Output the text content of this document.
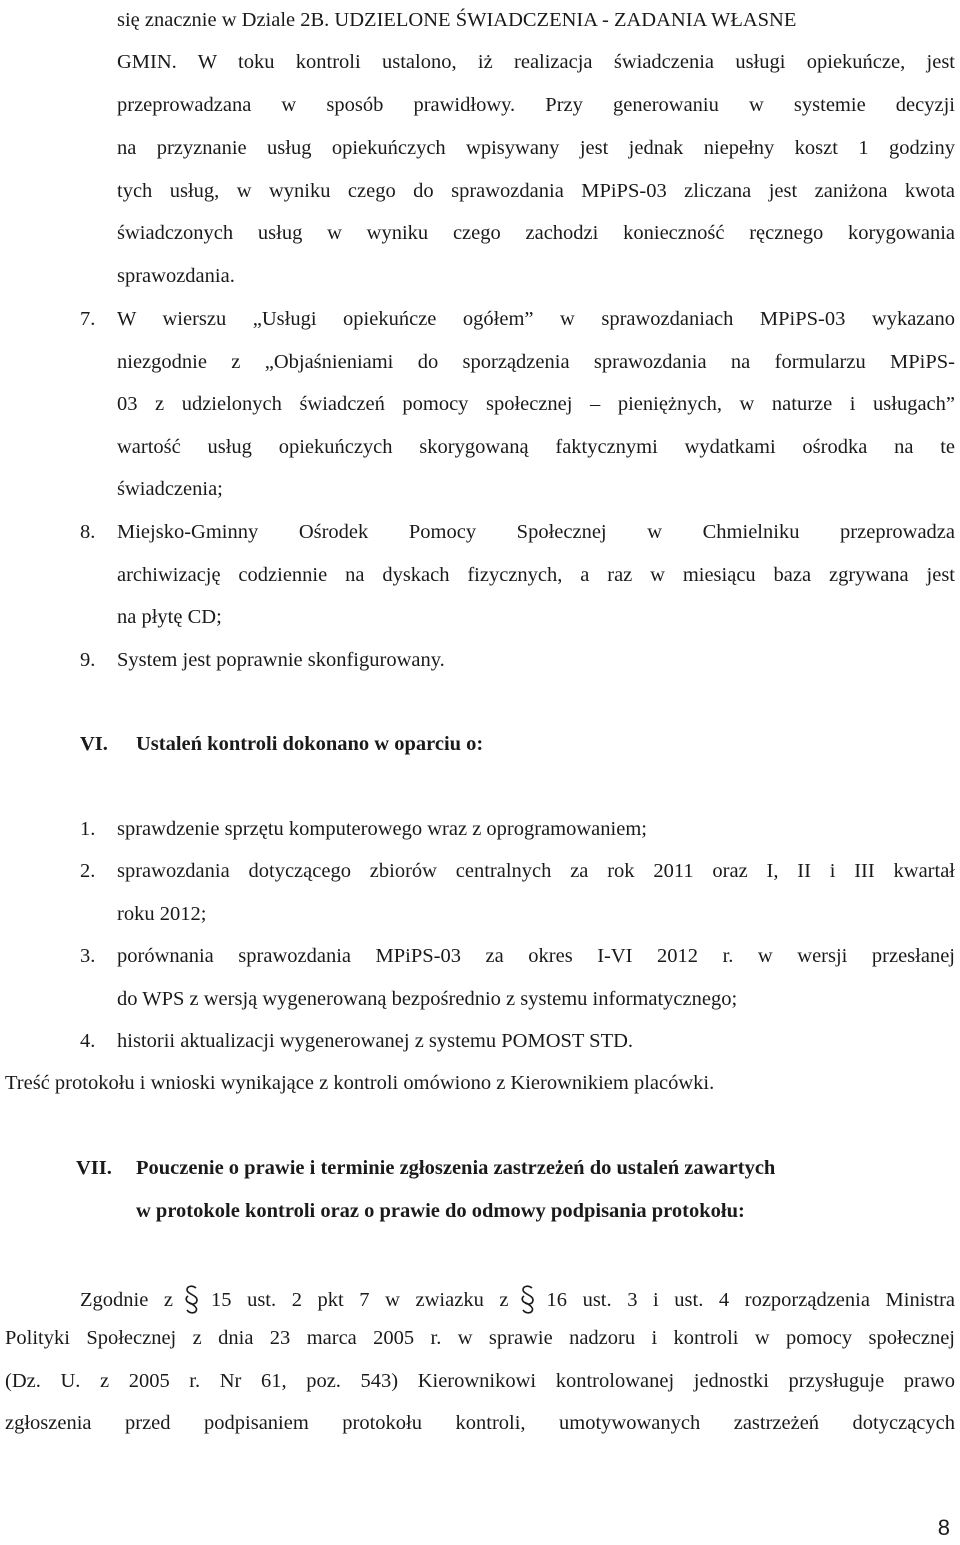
się znacznie w Dziale 2B. UDZIELONE ŚWIADCZENIA - ZADANIA WŁASNE
GMIN. W toku kontroli ustalono, iż realizacja świadczenia usługi opiekuńcze, jest
przeprowadzana w sposób prawidłowy. Przy generowaniu w systemie decyzji
na przyznanie usług opiekuńczych wpisywany jest jednak niepełny koszt 1 godziny
tych usług, w wyniku czego do sprawozdania MPiPS-03 zliczana jest zaniżona kwota
świadczonych usług w wyniku czego zachodzi konieczność ręcznego korygowania
sprawozdania.
7. W wierszu „Usługi opiekuńcze ogółem” w sprawozdaniach MPiPS-03 wykazano
niezgodnie z „Objaśnieniami do sporządzenia sprawozdania na formularzu MPiPS-
03 z udzielonych świadczeń pomocy społecznej – pieniężnych, w naturze i usługach”
wartość usług opiekuńczych skorygowaną faktycznymi wydatkami ośrodka na te
świadczenia;
8. Miejsko-Gminny Ośrodek Pomocy Społecznej w Chmielniku przeprowadza
archiwizację codziennie na dyskach fizycznych, a raz w miesiącu baza zgrywana jest
na płytę CD;
9. System jest poprawnie skonfigurowany.
VI. Ustaleń kontroli dokonano w oparciu o:
1. sprawdzenie sprzętu komputerowego wraz z oprogramowaniem;
2. sprawozdania dotyczącego zbiorów centralnych za rok 2011 oraz I, II i III kwartał
roku 2012;
3. porównania sprawozdania MPiPS-03 za okres I-VI 2012 r. w wersji przesłanej
do WPS z wersją wygenerowaną bezpośrednio z systemu informatycznego;
4. historii aktualizacji wygenerowanej z systemu POMOST STD.
Treść protokołu i wnioski wynikające z kontroli omówiono z Kierownikiem placówki.
VII. Pouczenie o prawie i terminie zgłoszenia zastrzeżeń do ustaleń zawartych
w protokole kontroli oraz o prawie do odmowy podpisania protokołu:
Zgodnie z 15 ust. 2 pkt 7 w zwiazku z 16 ust. 3 i ust. 4 rozporządzenia Ministra
Polityki Społecznej z dnia 23 marca 2005 r. w sprawie nadzoru i kontroli w pomocy społecznej
(Dz. U. z 2005 r. Nr 61, poz. 543) Kierownikowi kontrolowanej jednostki przysługuje prawo
zgłoszenia przed podpisaniem protokołu kontroli, umotywowanych zastrzeżeń dotyczących
8
